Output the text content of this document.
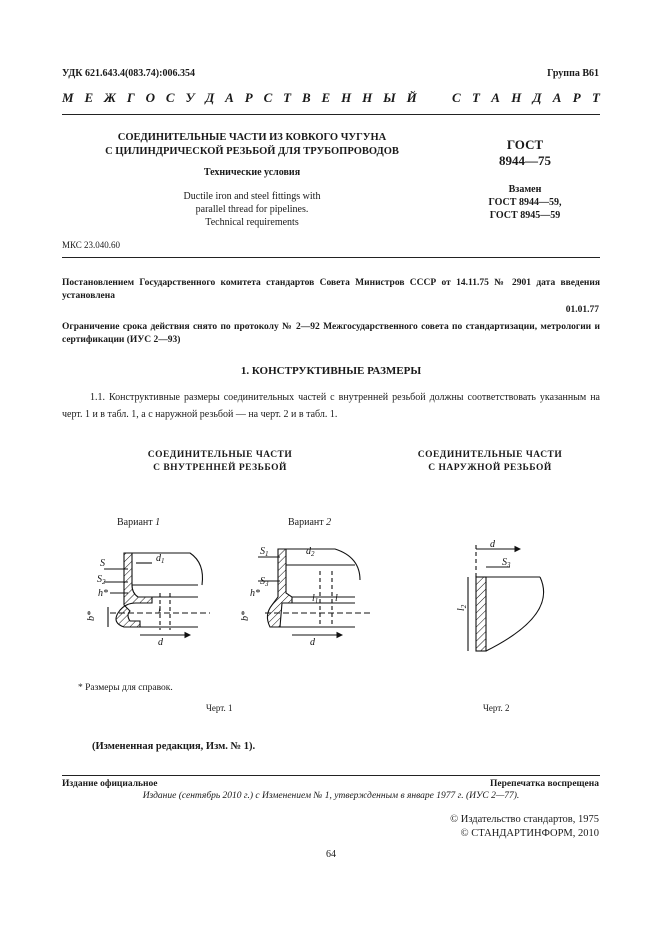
УДК 621.643.4(083.74):006.354	Группа В61
М Е Ж Г О С У Д А Р С Т В Е Н Н Ы Й	С Т А Н Д А Р Т
СОЕДИНИТЕЛЬНЫЕ ЧАСТИ ИЗ КОВКОГО ЧУГУНА
С ЦИЛИНДРИЧЕСКОЙ РЕЗЬБОЙ ДЛЯ ТРУБОПРОВОДОВ
Технические условия
Ductile iron and steel fittings with
parallel thread for pipelines.
Technical requirements
ГОСТ
8944—75
Взамен
ГОСТ 8944—59,
ГОСТ 8945—59
МКС 23.040.60
Постановлением Государственного комитета стандартов Совета Министров СССР от 14.11.75 № 2901 дата введения установлена
01.01.77
Ограничение срока действия снято по протоколу № 2—92 Межгосударственного совета по стандартизации, метрологии и сертификации (ИУС 2—93)
1. КОНСТРУКТИВНЫЕ РАЗМЕРЫ
1.1. Конструктивные размеры соединительных частей с внутренней резьбой должны соответствовать указанным на черт. 1 и в табл. 1, а с наружной резьбой — на черт. 2 и в табл. 1.
СОЕДИНИТЕЛЬНЫЕ ЧАСТИ
С ВНУТРЕННЕЙ РЕЗЬБОЙ
СОЕДИНИТЕЛЬНЫЕ ЧАСТИ
С НАРУЖНОЙ РЕЗЬБОЙ
Вариант 1	Вариант 2
S	$d_1$
$S_2$
h*
b*	l
d
$S_1$	$d_2$
$S_3$
h*
b*
$l_1$ l
d
d
$S_3$
$l_2$
* Размеры для справок.
Черт. 1	Черт. 2
(Измененная редакция, Изм. № 1).
Издание официальное	Перепечатка воспрещена
Издание (сентябрь 2010 г.) с Изменением № 1, утвержденным в январе 1977 г. (ИУС 2—77).
© Издательство стандартов, 1975
© СТАНДАРТИНФОРМ, 2010
64
